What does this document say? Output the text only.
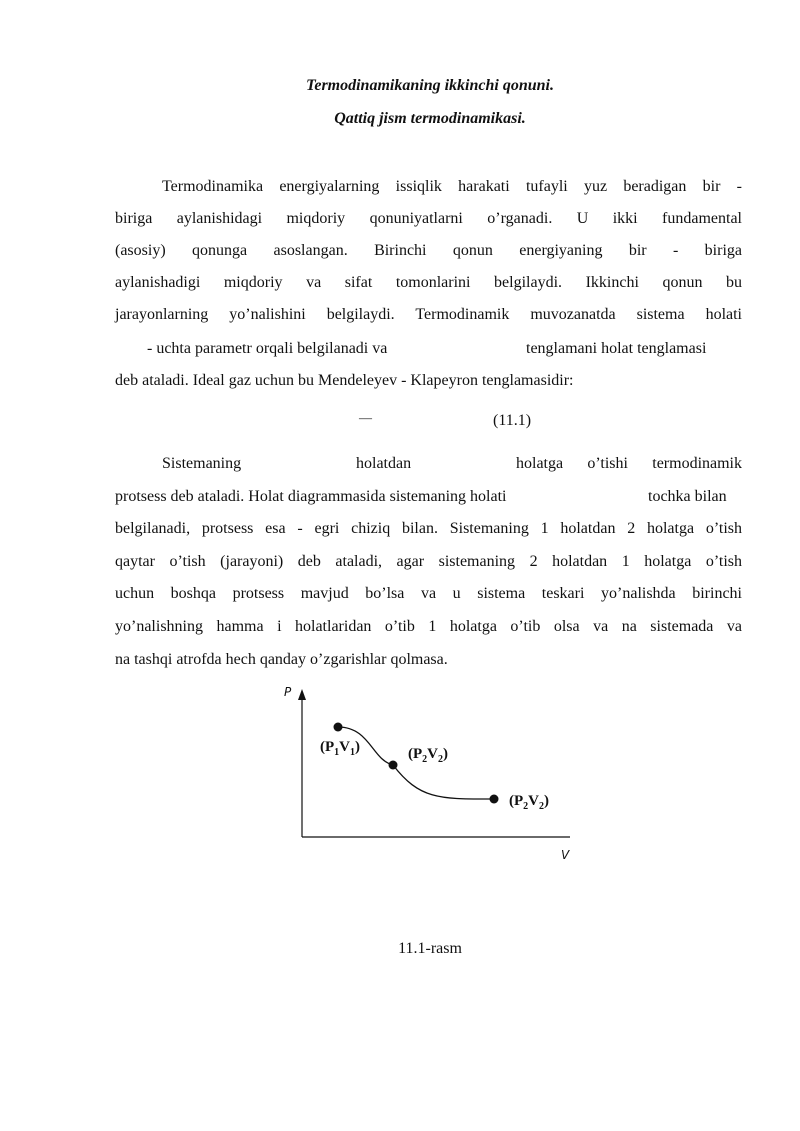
Termodinamikaning ikkinchi qonuni.
Qattiq jism termodinamikasi.
Termodinamika energiyalarning issiqlik harakati tufayli yuz beradigan bir -
biriga aylanishidagi miqdoriy qonuniyatlarni o’rganadi. U ikki fundamental
(asosiy) qonunga asoslangan. Birinchi qonun energiyaning bir - biriga
aylanishadigi miqdoriy va sifat tomonlarini belgilaydi. Ikkinchi qonun bu
jarayonlarning yo’nalishini belgilaydi. Termodinamik muvozanatda sistema holati
- uchta parametr orqali belgilanadi va	tenglamani holat tenglamasi
deb ataladi. Ideal gaz uchun bu Mendeleyev - Klapeyron tenglamasidir:
—	(11.1)
Sistemaning	holatdan	holatga o’tishi termodinamik
protsess deb ataladi. Holat diagrammasida sistemaning holati	tochka bilan
belgilanadi, protsess esa - egri chiziq bilan. Sistemaning 1 holatdan 2 holatga o’tish
qaytar o’tish (jarayoni) deb ataladi, agar sistemaning 2 holatdan 1 holatga o’tish
uchun boshqa protsess mavjud bo’lsa va u sistema teskari yo’nalishda birinchi
yo’nalishning hamma i holatlaridan o’tib 1 holatga o’tib olsa va na sistemada va
na tashqi atrofda hech qanday o’zgarishlar qolmasa.
P
V
$(P_1V_1)$	$(P_2V_2)$
$(P_2V_2)$
11.1-rasm
